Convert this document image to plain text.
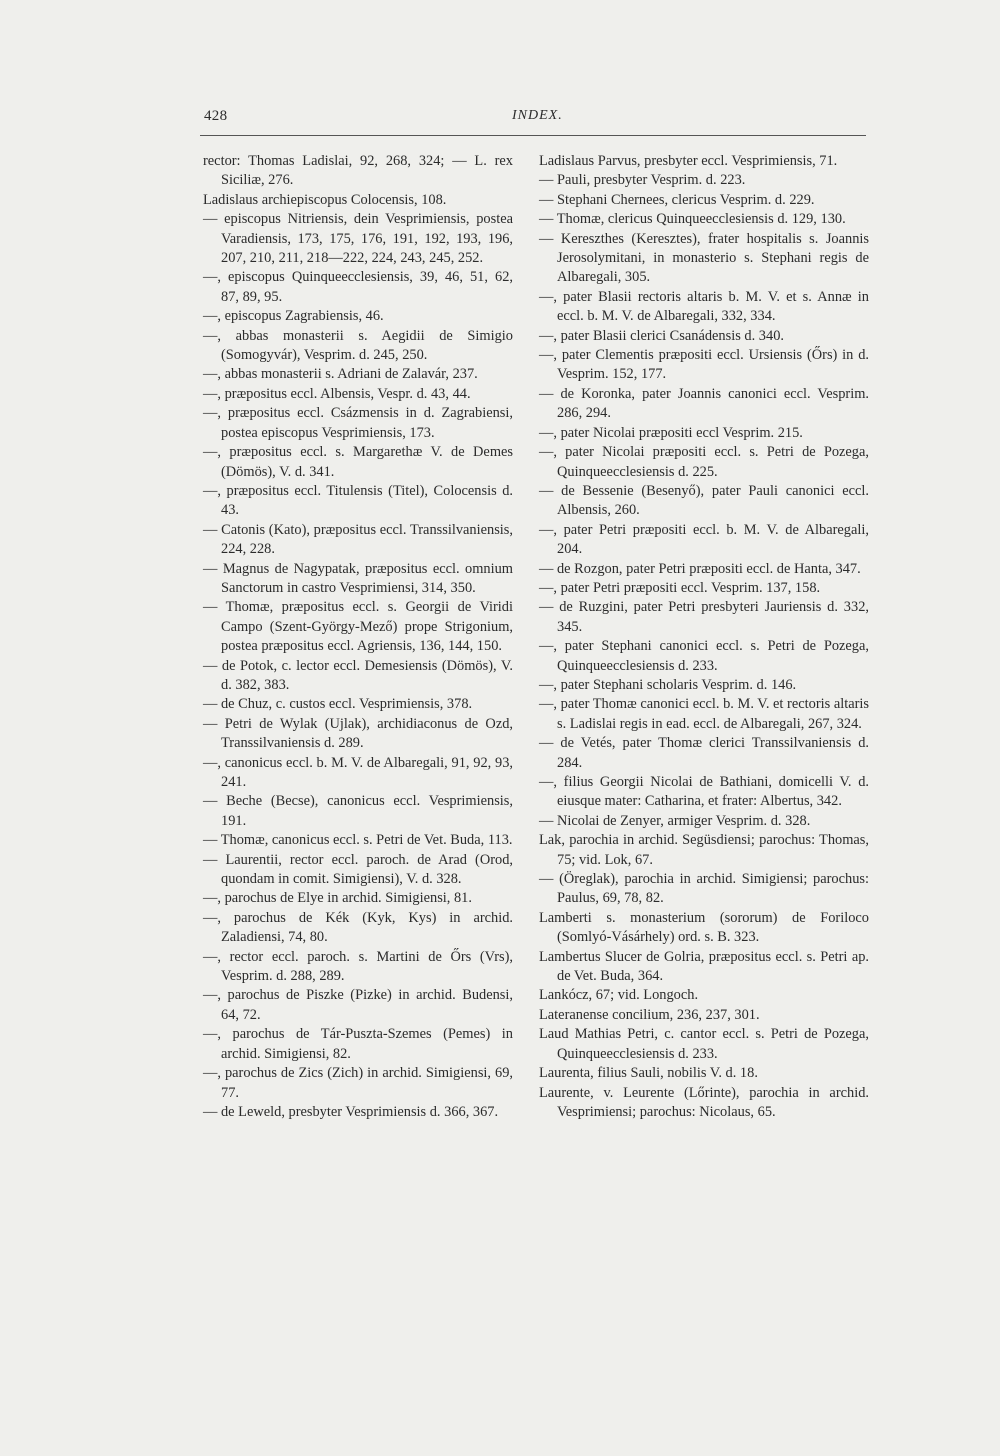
428	INDEX.

rector: Thomas Ladislai, 92, 268, 324; — L. rex Siciliæ, 276.

Ladislaus archiepiscopus Colocensis, 108.

— episcopus Nitriensis, dein Vesprimiensis, postea Varadiensis, 173, 175, 176, 191, 192, 193, 196, 207, 210, 211, 218—222, 224, 243, 245, 252.

—, episcopus Quinqueecclesiensis, 39, 46, 51, 62, 87, 89, 95.

—, episcopus Zagrabiensis, 46.

—, abbas monasterii s. Aegidii de Simigio (Somogyvár), Vesprim. d. 245, 250.

—, abbas monasterii s. Adriani de Zalavár, 237.

—, præpositus eccl. Albensis, Vespr. d. 43, 44.

—, præpositus eccl. Csázmensis in d. Zagrabiensi, postea episcopus Vesprimiensis, 173.

—, præpositus eccl. s. Margarethæ V. de Demes (Dömös), V. d. 341.

—, præpositus eccl. Titulensis (Titel), Colocensis d. 43.

— Catonis (Kato), præpositus eccl. Transsilvaniensis, 224, 228.

— Magnus de Nagypatak, præpositus eccl. omnium Sanctorum in castro Vesprimiensi, 314, 350.

— Thomæ, præpositus eccl. s. Georgii de Viridi Campo (Szent-György-Mező) prope Strigonium, postea præpositus eccl. Agriensis, 136, 144, 150.

— de Potok, c. lector eccl. Demesiensis (Dömös), V. d. 382, 383.

— de Chuz, c. custos eccl. Vesprimiensis, 378.

— Petri de Wylak (Ujlak), archidiaconus de Ozd, Transsilvaniensis d. 289.

—, canonicus eccl. b. M. V. de Albaregali, 91, 92, 93, 241.

— Beche (Becse), canonicus eccl. Vesprimiensis, 191.

— Thomæ, canonicus eccl. s. Petri de Vet. Buda, 113.

— Laurentii, rector eccl. paroch. de Arad (Orod, quondam in comit. Simigiensi), V. d. 328.

—, parochus de Elye in archid. Simigiensi, 81.

—, parochus de Kék (Kyk, Kys) in archid. Zaladiensi, 74, 80.

—, rector eccl. paroch. s. Martini de Őrs (Vrs), Vesprim. d. 288, 289.

—, parochus de Piszke (Pizke) in archid. Budensi, 64, 72.

—, parochus de Tár-Puszta-Szemes (Pemes) in archid. Simigiensi, 82.

—, parochus de Zics (Zich) in archid. Simigiensi, 69, 77.

— de Leweld, presbyter Vesprimiensis d. 366, 367.

Ladislaus Parvus, presbyter eccl. Vesprimiensis, 71.

— Pauli, presbyter Vesprim. d. 223.

— Stephani Chernees, clericus Vesprim. d. 229.

— Thomæ, clericus Quinqueecclesiensis d. 129, 130.

— Kereszthes (Keresztes), frater hospitalis s. Joannis Jerosolymitani, in monasterio s. Stephani regis de Albaregali, 305.

—, pater Blasii rectoris altaris b. M. V. et s. Annæ in eccl. b. M. V. de Albaregali, 332, 334.

—, pater Blasii clerici Csanádensis d. 340.

—, pater Clementis præpositi eccl. Ursiensis (Őrs) in d. Vesprim. 152, 177.

— de Koronka, pater Joannis canonici eccl. Vesprim. 286, 294.

—, pater Nicolai præpositi eccl Vesprim. 215.

—, pater Nicolai præpositi eccl. s. Petri de Pozega, Quinqueecclesiensis d. 225.

— de Bessenie (Besenyő), pater Pauli canonici eccl. Albensis, 260.

—, pater Petri præpositi eccl. b. M. V. de Albaregali, 204.

— de Rozgon, pater Petri præpositi eccl. de Hanta, 347.

—, pater Petri præpositi eccl. Vesprim. 137, 158.

— de Ruzgini, pater Petri presbyteri Jauriensis d. 332, 345.

—, pater Stephani canonici eccl. s. Petri de Pozega, Quinqueecclesiensis d. 233.

—, pater Stephani scholaris Vesprim. d. 146.

—, pater Thomæ canonici eccl. b. M. V. et rectoris altaris s. Ladislai regis in ead. eccl. de Albaregali, 267, 324.

— de Vetés, pater Thomæ clerici Transsilvaniensis d. 284.

—, filius Georgii Nicolai de Bathiani, domicelli V. d. eiusque mater: Catharina, et frater: Albertus, 342.

— Nicolai de Zenyer, armiger Vesprim. d. 328.

Lak, parochia in archid. Següsdiensi; parochus: Thomas, 75; vid. Lok, 67.

— (Öreglak), parochia in archid. Simigiensi; parochus: Paulus, 69, 78, 82.

Lamberti s. monasterium (sororum) de Foriloco (Somlyó-Vásárhely) ord. s. B. 323.

Lambertus Slucer de Golria, præpositus eccl. s. Petri ap. de Vet. Buda, 364.

Lankócz, 67; vid. Longoch.

Lateranense concilium, 236, 237, 301.

Laud Mathias Petri, c. cantor eccl. s. Petri de Pozega, Quinqueecclesiensis d. 233.

Laurenta, filius Sauli, nobilis V. d. 18.

Laurente, v. Leurente (Lőrinte), parochia in archid. Vesprimiensi; parochus: Nicolaus, 65.
